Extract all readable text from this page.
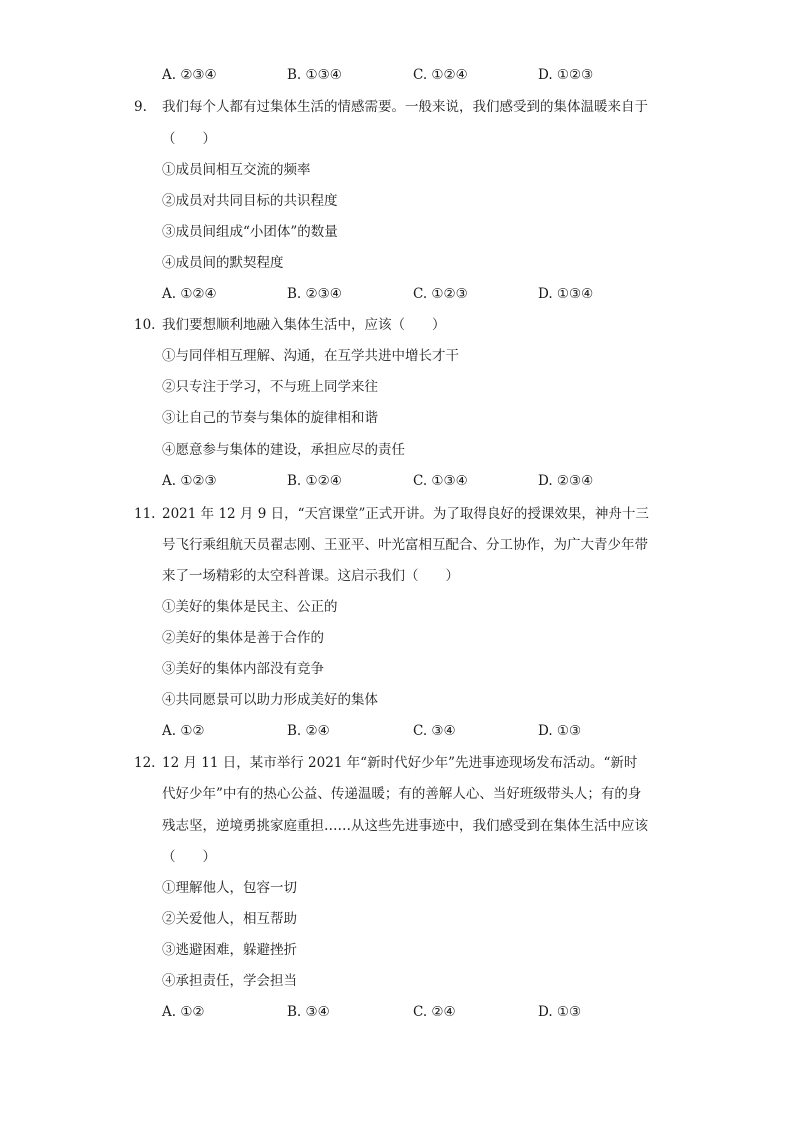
A. ②③④	B. ①③④	C. ①②④	D. ①②③
9. 我们每个人都有过集体生活的情感需要。一般来说，我们感受到的集体温暖来自于
（　　）
①成员间相互交流的频率
②成员对共同目标的共识程度
③成员间组成“小团体”的数量
④成员间的默契程度
A. ①②④	B. ②③④	C. ①②③	D. ①③④
10. 我们要想顺利地融入集体生活中，应该（　　）
①与同伴相互理解、沟通，在互学共进中增长才干
②只专注于学习，不与班上同学来往
③让自己的节奏与集体的旋律相和谐
④愿意参与集体的建设，承担应尽的责任
A. ①②③	B. ①②④	C. ①③④	D. ②③④
11. 2021 年 12 月 9 日，“天宫课堂”正式开讲。为了取得良好的授课效果，神舟十三
号飞行乘组航天员翟志刚、王亚平、叶光富相互配合、分工协作，为广大青少年带
来了一场精彩的太空科普课。这启示我们（　　）
①美好的集体是民主、公正的
②美好的集体是善于合作的
③美好的集体内部没有竞争
④共同愿景可以助力形成美好的集体
A. ①②	B. ②④	C. ③④	D. ①③
12. 12 月 11 日，某市举行 2021 年“新时代好少年”先进事迹现场发布活动。“新时
代好少年”中有的热心公益、传递温暖；有的善解人心、当好班级带头人；有的身
残志坚，逆境勇挑家庭重担……从这些先进事迹中，我们感受到在集体生活中应该
（　　）
①理解他人，包容一切
②关爱他人，相互帮助
③逃避困难，躲避挫折
④承担责任，学会担当
A. ①②	B. ③④	C. ②④	D. ①③
